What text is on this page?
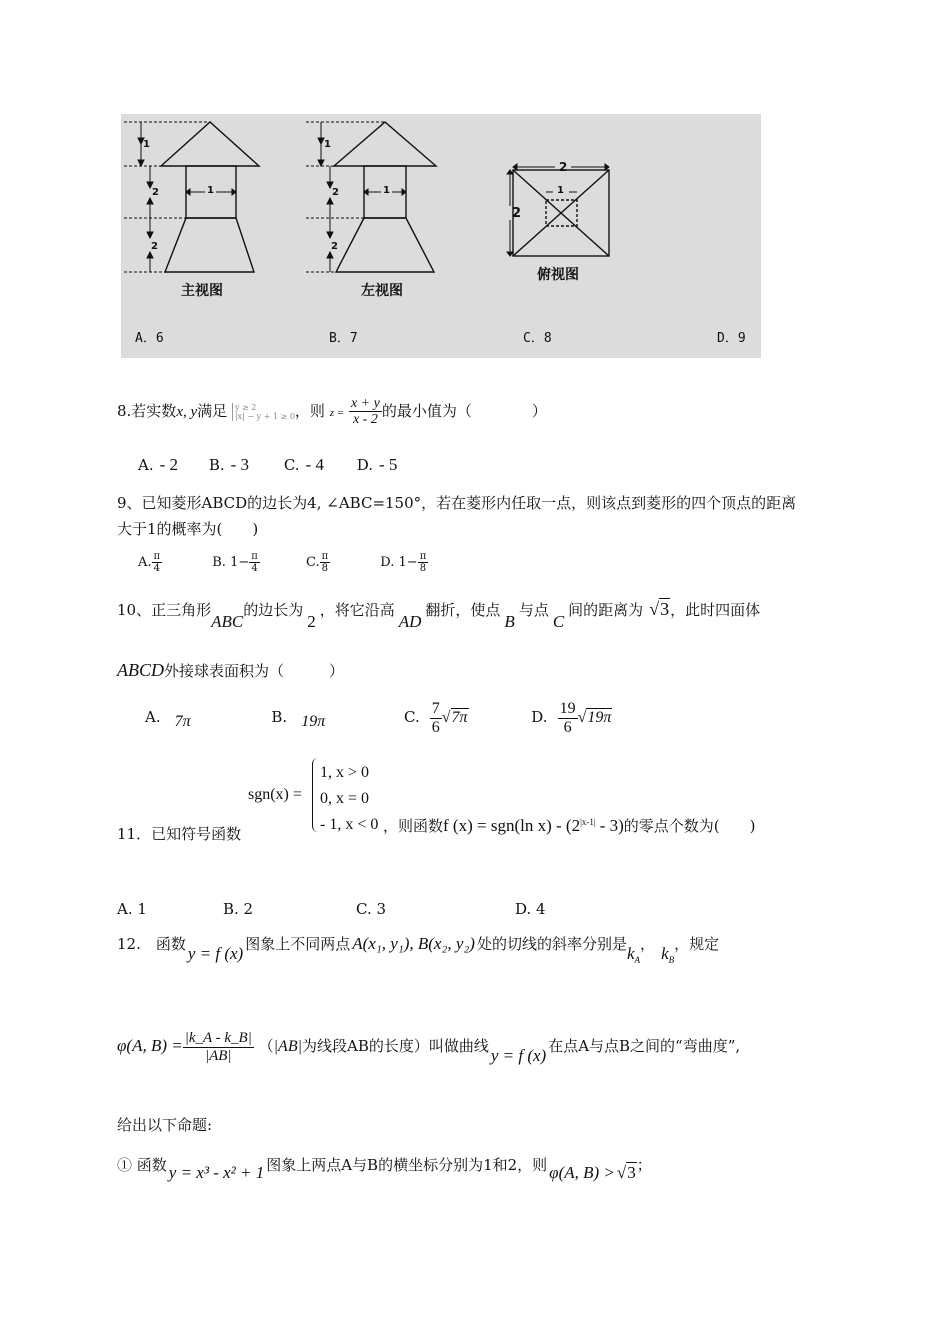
1
2
2
1
1
2
2
1
2
2
1
主视图	左视图
俯视图
A．6	B．7	C．8	D．9
8.若实数x, y满足 y ≥ 2
|x| − y + 1 ≥ 0 ，则 $z = \frac{x + y}{x - 2}$ 的最小值为（　　　　）
A. - 2 B. - 3 C. - 4 D. - 5
9、已知菱形ABCD的边长为4, ∠ABC=150°，若在菱形内任取一点，则该点到菱形的四个顶点的距离
大于1的概率为(　　)
A. $\frac{\pi}{4}$	B. $1- \frac{\pi}{4}$	C. $\frac{\pi}{8}$	D. $1- \frac{\pi}{8}$
10、正三角形ABC的边长为2，将它沿高AD翻折，使点B与点C间的距离为 √3，此时四面体
ABCD外接球表面积为（　　　）
A. 7π	B. 19π	C. $\frac{7}{6} √7\pi$	D. $\frac{19}{6} √19\pi$
sgn(x) =
1, x > 0
0, x = 0
- 1, x < 0
11．已知符号函数	，则函数f (x) = sgn(ln $x) - (2^{|x-1|} - 3)$的零点个数为(　　)
A. 1	B. 2	C. 3	D. 4
12.　函数 y = f (x) 图象上不同两点 A(x₁, y₁), B(x₂, y₂) 处的切线的斜率分别是$k_A$， $k_B$，规定
φ(A, $B) = \frac{|k\_A - k\_B|}{|AB|} (|AB|$为线段AB的长度）叫做曲线 y = f (x) 在点A与点B之间的“弯曲度”,
给出以下命题:
① 函数 y = x³ - x² + 1 图象上两点A与B的横坐标分别为1和2，则 φ(A, B) > √3；
